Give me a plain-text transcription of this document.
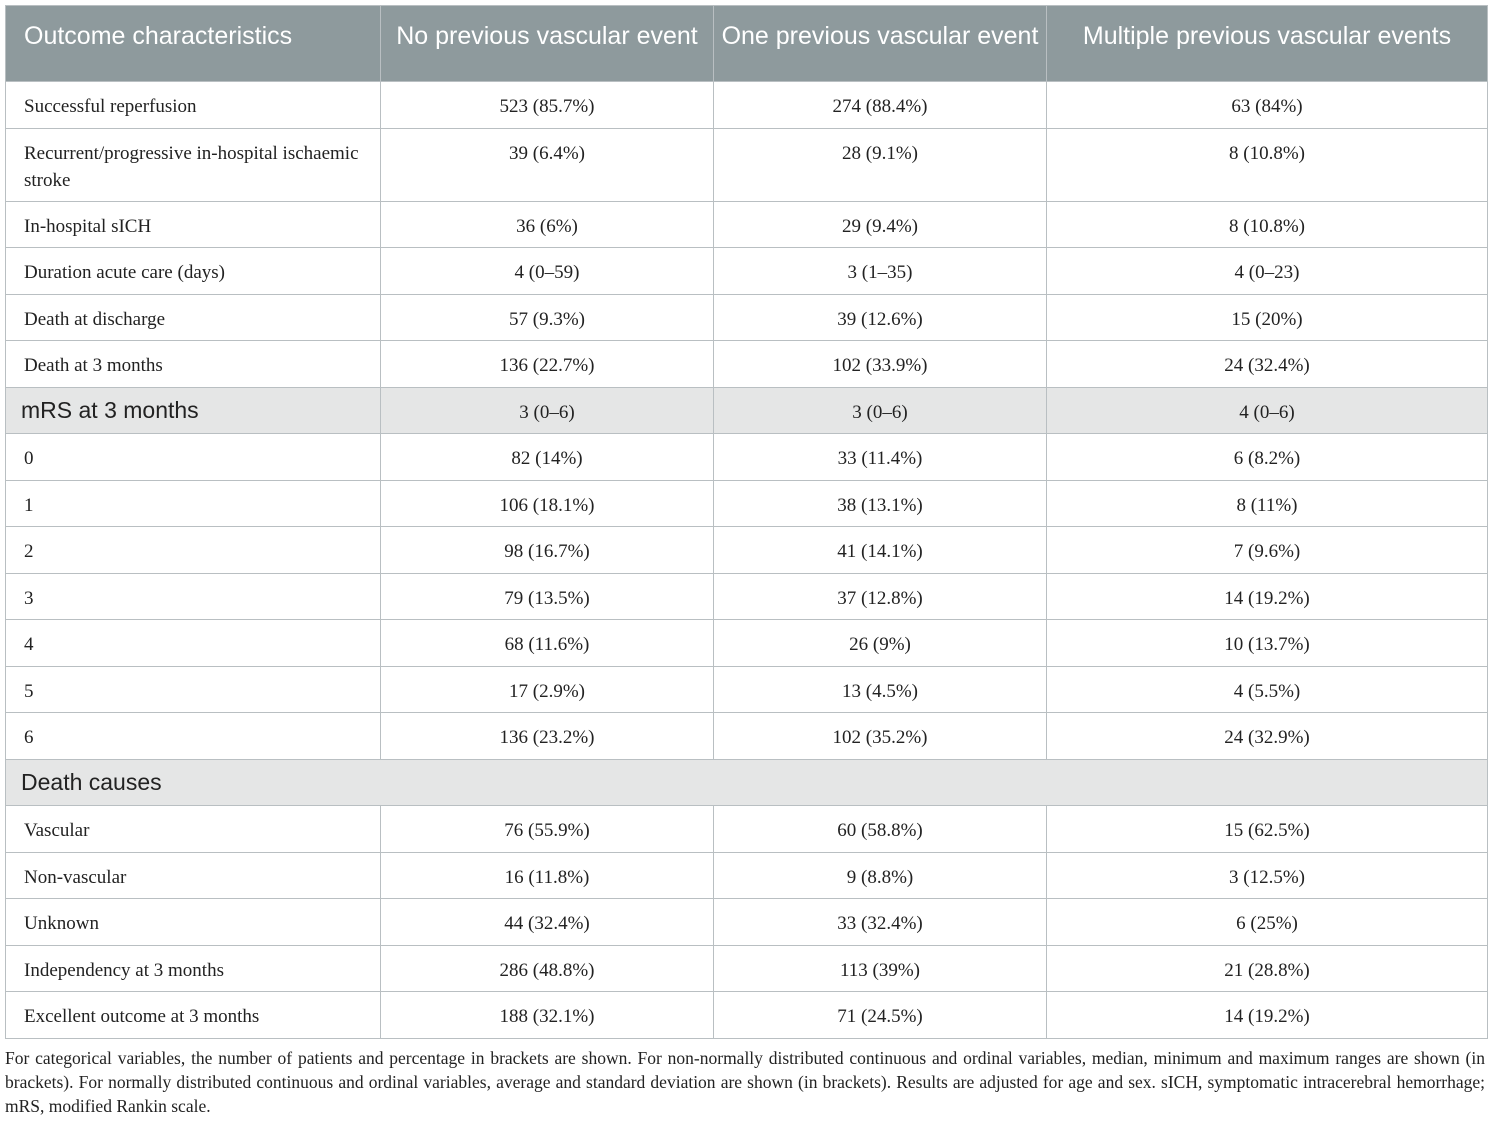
Outcome characteristics	No previous vascular event	One previous vascular event	Multiple previous vascular events
Successful reperfusion	523 (85.7%)	274 (88.4%)	63 (84%)
Recurrent/progressive in-hospital ischaemic stroke	39 (6.4%)	28 (9.1%)	8 (10.8%)
In-hospital sICH	36 (6%)	29 (9.4%)	8 (10.8%)
Duration acute care (days)	4 (0–59)	3 (1–35)	4 (0–23)
Death at discharge	57 (9.3%)	39 (12.6%)	15 (20%)
Death at 3 months	136 (22.7%)	102 (33.9%)	24 (32.4%)
mRS at 3 months	3 (0–6)	3 (0–6)	4 (0–6)
0	82 (14%)	33 (11.4%)	6 (8.2%)
1	106 (18.1%)	38 (13.1%)	8 (11%)
2	98 (16.7%)	41 (14.1%)	7 (9.6%)
3	79 (13.5%)	37 (12.8%)	14 (19.2%)
4	68 (11.6%)	26 (9%)	10 (13.7%)
5	17 (2.9%)	13 (4.5%)	4 (5.5%)
6	136 (23.2%)	102 (35.2%)	24 (32.9%)
Death causes			
Vascular	76 (55.9%)	60 (58.8%)	15 (62.5%)
Non-vascular	16 (11.8%)	9 (8.8%)	3 (12.5%)
Unknown	44 (32.4%)	33 (32.4%)	6 (25%)
Independency at 3 months	286 (48.8%)	113 (39%)	21 (28.8%)
Excellent outcome at 3 months	188 (32.1%)	71 (24.5%)	14 (19.2%)
For categorical variables, the number of patients and percentage in brackets are shown. For non-normally distributed continuous and ordinal variables, median, minimum and maximum ranges are shown (in brackets). For normally distributed continuous and ordinal variables, average and standard deviation are shown (in brackets). Results are adjusted for age and sex. sICH, symptomatic intracerebral hemorrhage; mRS, modified Rankin scale.
